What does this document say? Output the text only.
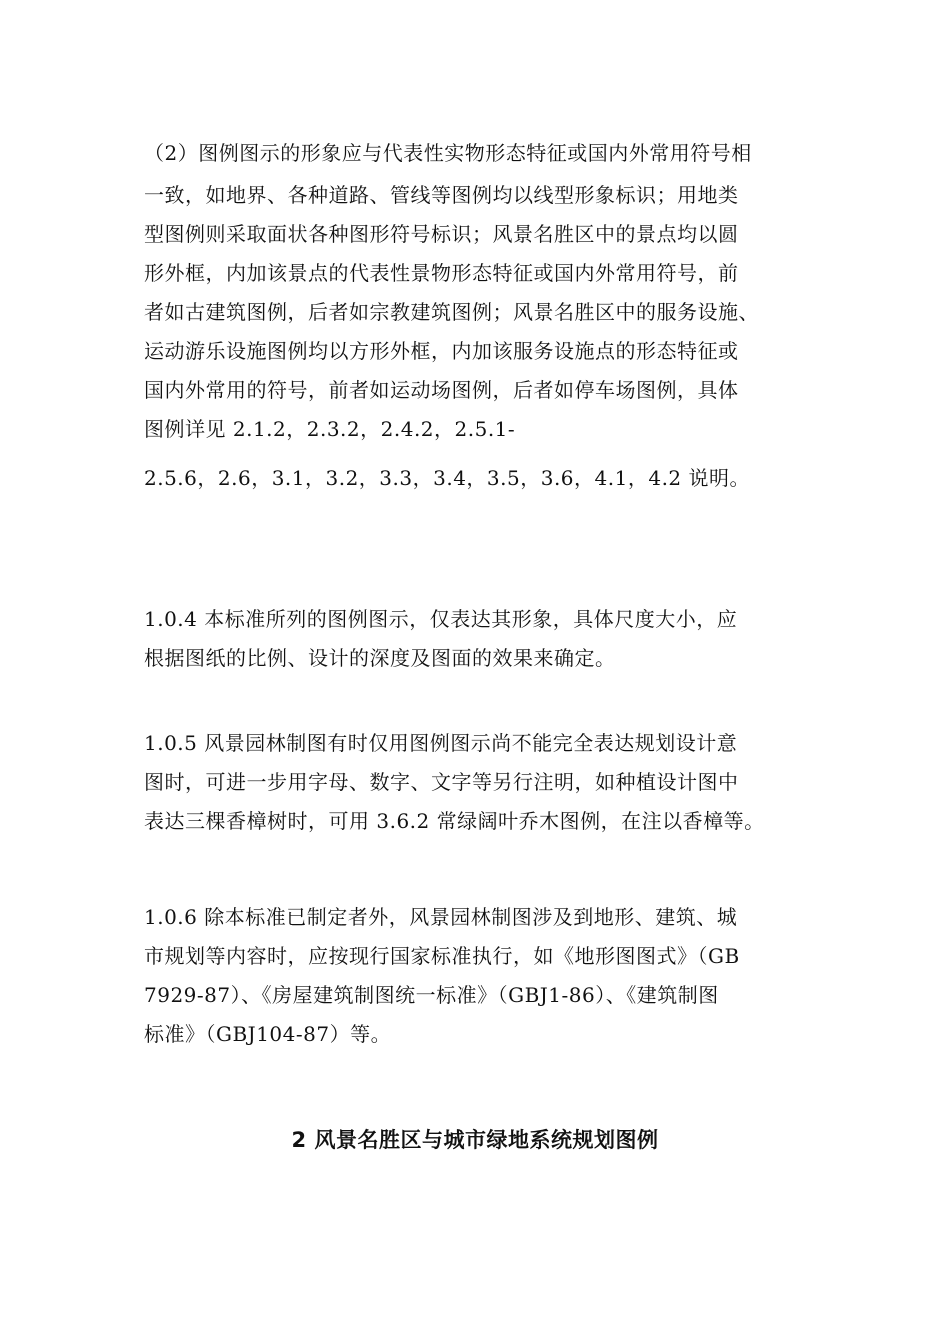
（2）图例图示的形象应与代表性实物形态特征或国内外常用符号相
一致，如地界、各种道路、管线等图例均以线型形象标识；用地类
型图例则采取面状各种图形符号标识；风景名胜区中的景点均以圆
形外框，内加该景点的代表性景物形态特征或国内外常用符号，前
者如古建筑图例，后者如宗教建筑图例；风景名胜区中的服务设施、
运动游乐设施图例均以方形外框，内加该服务设施点的形态特征或
国内外常用的符号，前者如运动场图例，后者如停车场图例，具体
图例详见 2.1.2，2.3.2，2.4.2，2.5.1-
2.5.6，2.6，3.1，3.2，3.3，3.4，3.5，3.6，4.1，4.2 说明。
1.0.4 本标准所列的图例图示，仅表达其形象，具体尺度大小，应
根据图纸的比例、设计的深度及图面的效果来确定。
1.0.5 风景园林制图有时仅用图例图示尚不能完全表达规划设计意
图时，可进一步用字母、数字、文字等另行注明，如种植设计图中
表达三棵香樟树时，可用 3.6.2 常绿阔叶乔木图例，在注以香樟等。
1.0.6 除本标准已制定者外，风景园林制图涉及到地形、建筑、城
市规划等内容时，应按现行国家标准执行，如《地形图图式》（GB
7929-87）、《房屋建筑制图统一标准》（GBJ1-86）、《建筑制图
标准》（GBJ104-87）等。
2 风景名胜区与城市绿地系统规划图例
